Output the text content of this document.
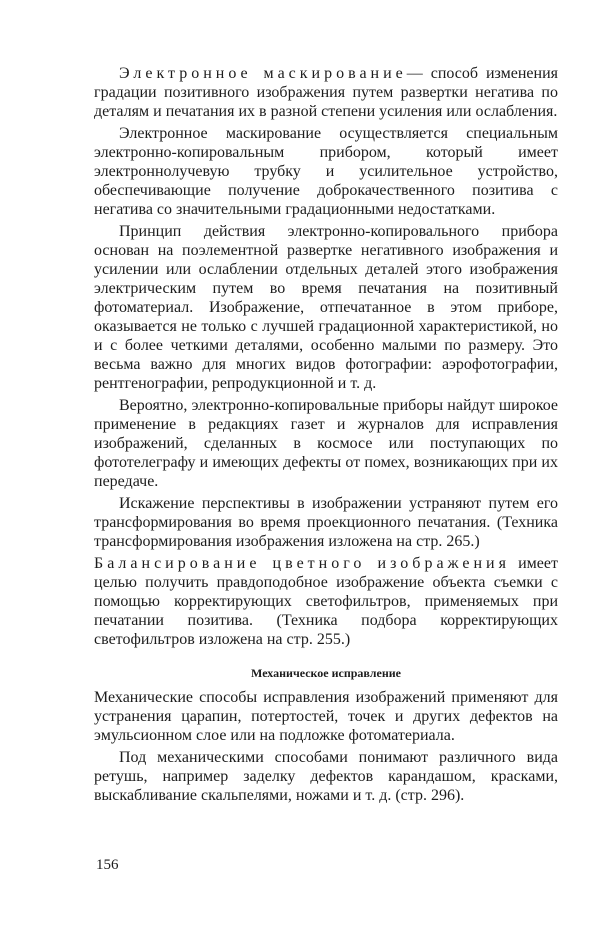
Электронное маскирование— способ изменения градации позитивного изображения путем развертки негатива по деталям и печатания их в разной степени усиления или ослабления.

Электронное маскирование осуществляется специальным электронно-копировальным прибором, который имеет электроннолучевую трубку и усилительное устройство, обеспечивающие получение доброкачественного позитива с негатива со значительными градационными недостатками.

Принцип действия электронно-копировального прибора основан на поэлементной развертке негативного изображения и усилении или ослаблении отдельных деталей этого изображения электрическим путем во время печатания на позитивный фотоматериал. Изображение, отпечатанное в этом приборе, оказывается не только с лучшей градационной характеристикой, но и с более четкими деталями, особенно малыми по размеру. Это весьма важно для многих видов фотографии: аэрофотографии, рентгенографии, репродукционной и т. д.

Вероятно, электронно-копировальные приборы найдут широкое применение в редакциях газет и журналов для исправления изображений, сделанных в космосе или поступающих по фототелеграфу и имеющих дефекты от помех, возникающих при их передаче.

Искажение перспективы в изображении устраняют путем его трансформирования во время проекционного печатания. (Техника трансформирования изображения изложена на стр. 265.)

Балансирование цветного изображения имеет целью получить правдоподобное изображение объекта съемки с помощью корректирующих светофильтров, применяемых при печатании позитива. (Техника подбора корректирующих светофильтров изложена на стр. 255.)

Механическое исправление

Механические способы исправления изображений применяют для устранения царапин, потертостей, точек и других дефектов на эмульсионном слое или на подложке фотоматериала.

Под механическими способами понимают различного вида ретушь, например заделку дефектов карандашом, красками, выскабливание скальпелями, ножами и т. д. (стр. 296).

156
